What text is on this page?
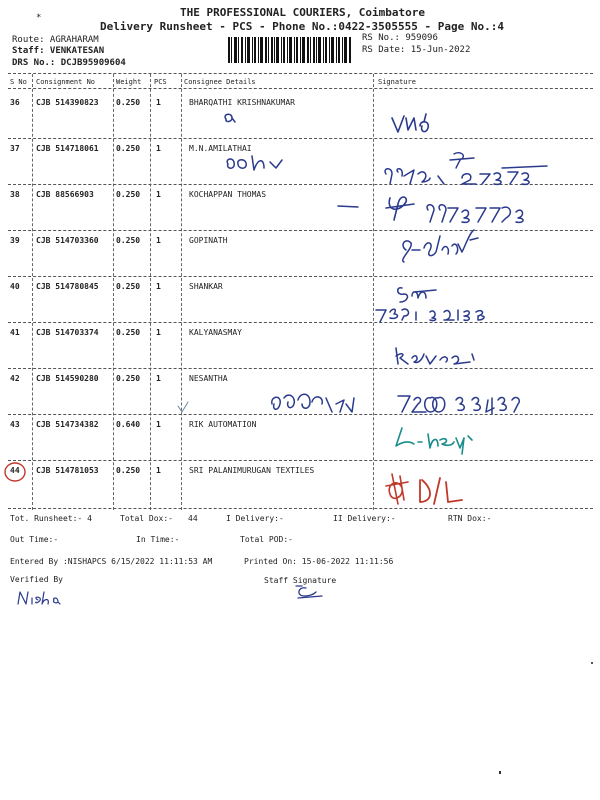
THE PROFESSIONAL COURIERS, Coimbatore
*
Delivery Runsheet - PCS - Phone No.:0422-3505555 - Page No.:4
Route: AGRAHARAM
Staff: VENKATESAN
DRS No.: DCJB95909604
RS No.: 959096
RS Date: 15-Jun-2022
S No Consignment No	Weight PCS Consignee Details	Signature
36 CJB 514390823 0.250 1	BHARQATHI KRISHNAKUMAR
37 CJB 514718061 0.250 1	M.N.AMILATHAI
38 CJB 88566903	0.250 1	KOCHAPPAN THOMAS
39 CJB 514703360 0.250 1	GOPINATH
40 CJB 514780845 0.250 1	SHANKAR
41 CJB 514703374 0.250 1	KALYANASMAY
42 CJB 514590280 0.250 1	NESANTHA
43 CJB 514734382 0.640 1	RIK AUTOMATION
44 CJB 514781053 0.250 1	SRI PALANIMURUGAN TEXTILES
Tot. Runsheet:- 4	Total Dox:- 44	I Delivery:-	II Delivery:-	RTN Dox:-
Out Time:-	In Time:-	Total POD:-
Entered By :NISHAPCS 6/15/2022 11:11:53 AM	Printed On: 15-06-2022 11:11:56
Verified By	Staff Signature
